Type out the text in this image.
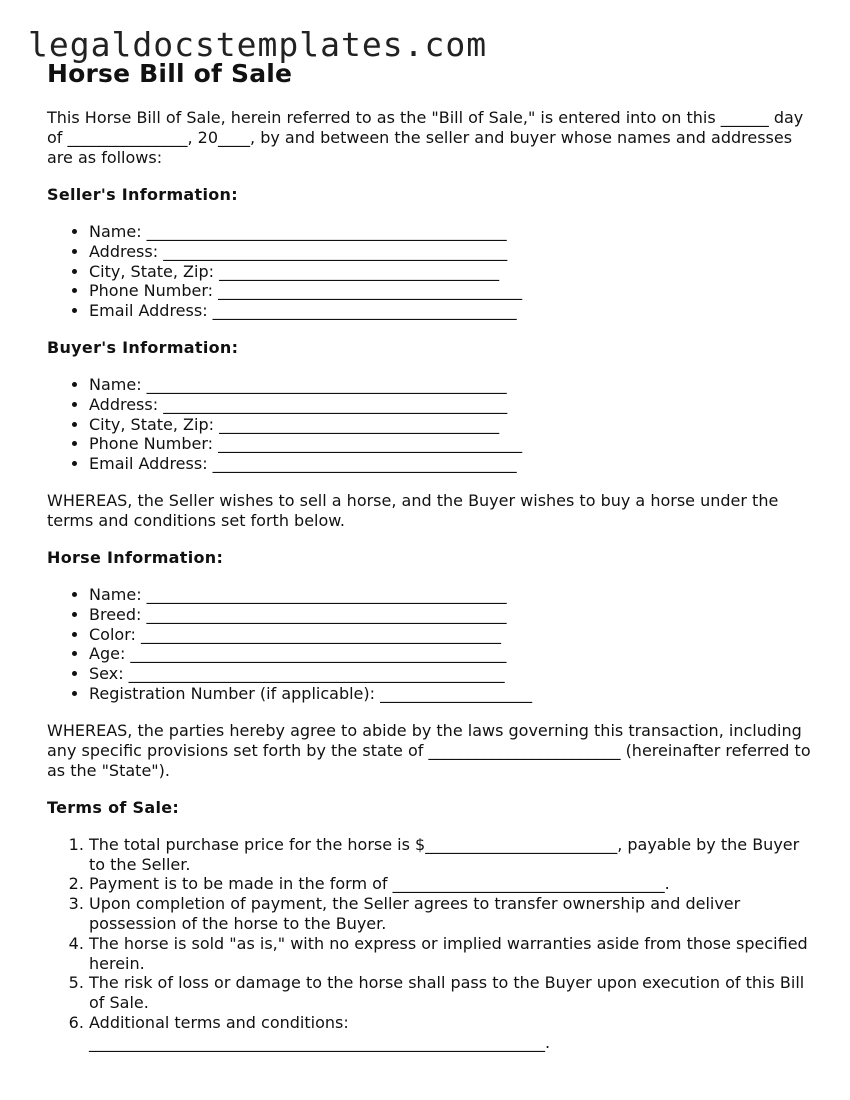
legaldocstemplates.com
Horse Bill of Sale

This Horse Bill of Sale, herein referred to as the "Bill of Sale," is entered into on this ______ day of _______________, 20____, by and between the seller and buyer whose names and addresses are as follows:

Seller's Information:
• Name: _____________________________________________
• Address: ___________________________________________
• City, State, Zip: ___________________________________
• Phone Number: ______________________________________
• Email Address: ______________________________________
Buyer's Information:
• Name: _____________________________________________
• Address: ___________________________________________
• City, State, Zip: ___________________________________
• Phone Number: ______________________________________
• Email Address: ______________________________________

WHEREAS, the Seller wishes to sell a horse, and the Buyer wishes to buy a horse under the terms and conditions set forth below.

Horse Information:
• Name: _____________________________________________
• Breed: _____________________________________________
• Color: _____________________________________________
• Age: _______________________________________________
• Sex: _______________________________________________
• Registration Number (if applicable): ___________________

WHEREAS, the parties hereby agree to abide by the laws governing this transaction, including any specific provisions set forth by the state of ________________________ (hereinafter referred to as the "State").

Terms of Sale:
1. The total purchase price for the horse is $________________________, payable by the Buyer to the Seller.
2. Payment is to be made in the form of __________________________________.
3. Upon completion of payment, the Seller agrees to transfer ownership and deliver possession of the horse to the Buyer.
4. The horse is sold "as is," with no express or implied warranties aside from those specified herein.
5. The risk of loss or damage to the horse shall pass to the Buyer upon execution of this Bill of Sale.
6. Additional terms and conditions:
_________________________________________________________.
